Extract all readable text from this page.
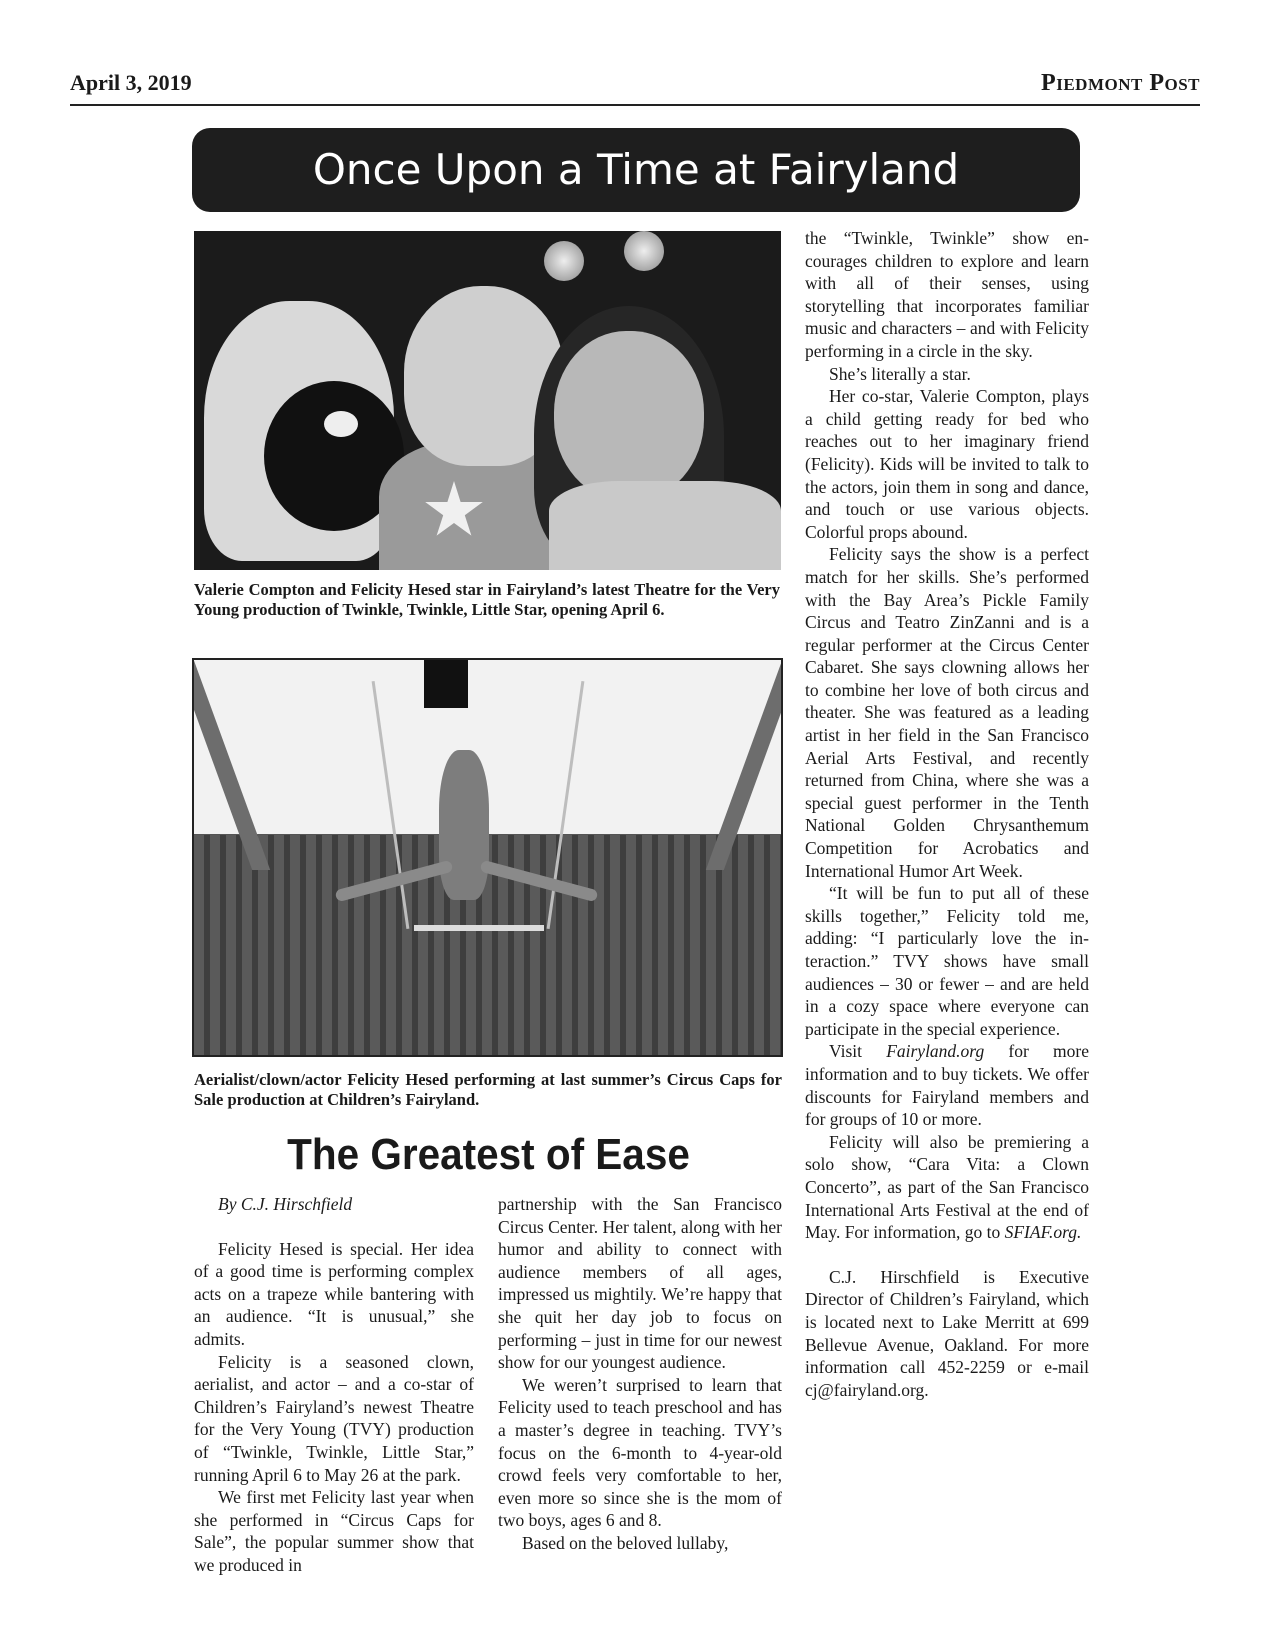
April 3, 2019	Piedmont Post
Once Upon a Time at Fairyland
Valerie Compton and Felicity Hesed star in Fairyland’s latest Theatre for the Very Young production of Twinkle, Twinkle, Little Star, opening April 6.
Aerialist/clown/actor Felicity Hesed performing at last summer’s Circus Caps for Sale production at Children’s Fairyland.
The Greatest of Ease

By C.J. Hirschfield

Felicity Hesed is special. Her idea of a good time is performing complex acts on a trapeze while bantering with an audience. “It is unusual,” she admits.

Felicity is a seasoned clown, aerialist, and actor – and a co-star of Children’s Fairyland’s newest Theatre for the Very Young (TVY) production of “Twinkle, Twinkle, Little Star,” running April 6 to May 26 at the park.

We first met Felicity last year when she performed in “Circus Caps for Sale”, the popular summer show that we produced in

partnership with the San Francisco Circus Center. Her talent, along with her humor and ability to connect with audience members of all ages, impressed us mightily. We’re happy that she quit her day job to focus on performing – just in time for our newest show for our youngest audience.

We weren’t surprised to learn that Felicity used to teach preschool and has a master’s degree in teaching. TVY’s focus on the 6-month to 4-year-old crowd feels very comfortable to her, even more so since she is the mom of two boys, ages 6 and 8.

Based on the beloved lullaby,

the “Twinkle, Twinkle” show encourages children to explore and learn with all of their senses, using storytelling that incorporates familiar music and characters – and with Felicity performing in a circle in the sky.

She’s literally a star.

Her co-star, Valerie Compton, plays a child getting ready for bed who reaches out to her imaginary friend (Felicity). Kids will be invited to talk to the actors, join them in song and dance, and touch or use various objects. Colorful props abound.

Felicity says the show is a perfect match for her skills. She’s performed with the Bay Area’s Pickle Family Circus and Teatro ZinZanni and is a regular performer at the Circus Center Cabaret. She says clowning allows her to combine her love of both circus and theater. She was featured as a leading artist in her field in the San Francisco Aerial Arts Festival, and recently returned from China, where she was a special guest performer in the Tenth National Golden Chrysanthemum Competition for Acrobatics and International Humor Art Week.

“It will be fun to put all of these skills together,” Felicity told me, adding: “I particularly love the interaction.” TVY shows have small audiences – 30 or fewer – and are held in a cozy space where everyone can participate in the special experience.

Visit Fairyland.org for more information and to buy tickets. We offer discounts for Fairyland members and for groups of 10 or more.

Felicity will also be premiering a solo show, “Cara Vita: a Clown Concerto”, as part of the San Francisco International Arts Festival at the end of May. For information, go to SFIAF.org.

C.J. Hirschfield is Executive Director of Children’s Fairyland, which is located next to Lake Merritt at 699 Bellevue Avenue, Oakland. For more information call 452-2259 or e-mail cj@fairyland.org.
